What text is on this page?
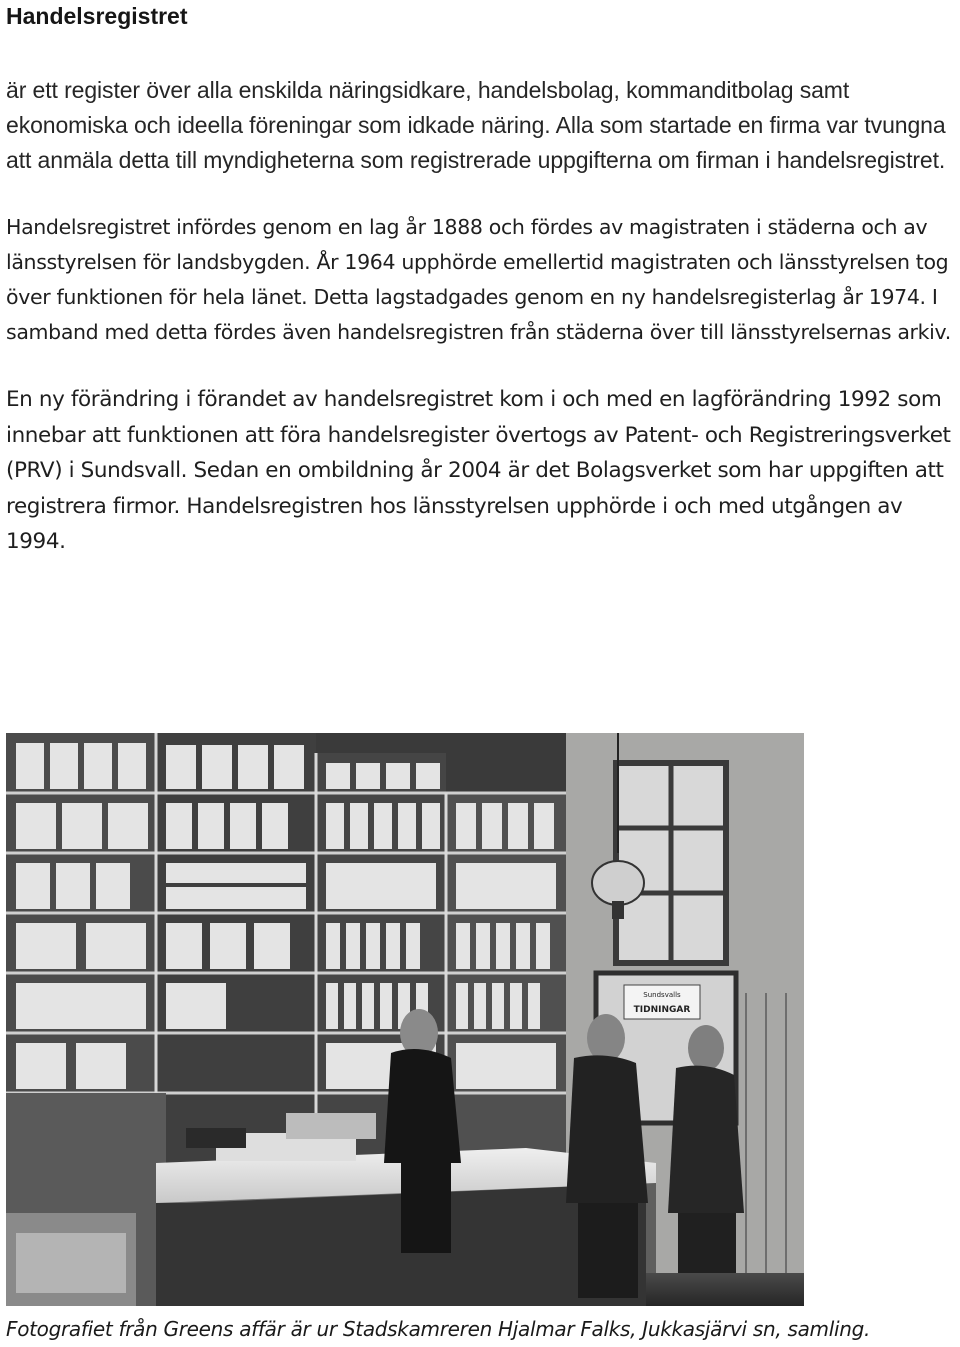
Handelsregistret

är ett register över alla enskilda näringsidkare, handelsbolag, kommanditbolag samt ekonomiska och ideella föreningar som idkade näring. Alla som startade en firma var tvungna att anmäla detta till myndigheterna som registrerade uppgifterna om firman i handelsregistret.

Handelsregistret infördes genom en lag år 1888 och fördes av magistraten i städerna och av länsstyrelsen för landsbygden. År 1964 upphörde emellertid magistraten och länsstyrelsen tog över funktionen för hela länet. Detta lagstadgades genom en ny handelsregisterlag år 1974. I samband med detta fördes även handelsregistren från städerna över till länsstyrelsernas arkiv.

En ny förändring i förandet av handelsregistret kom i och med en lagförändring 1992 som innebar att funktionen att föra handelsregister övertogs av Patent- och Registreringsverket (PRV) i Sundsvall. Sedan en ombildning år 2004 är det Bolagsverket som har uppgiften att registrera firmor. Handelsregistren hos länsstyrelsen upphörde i och med utgången av 1994.

Sundsvalls
TIDNINGAR

Fotografiet från Greens affär är ur Stadskamreren Hjalmar Falks, Jukkasjärvi sn, samling.
